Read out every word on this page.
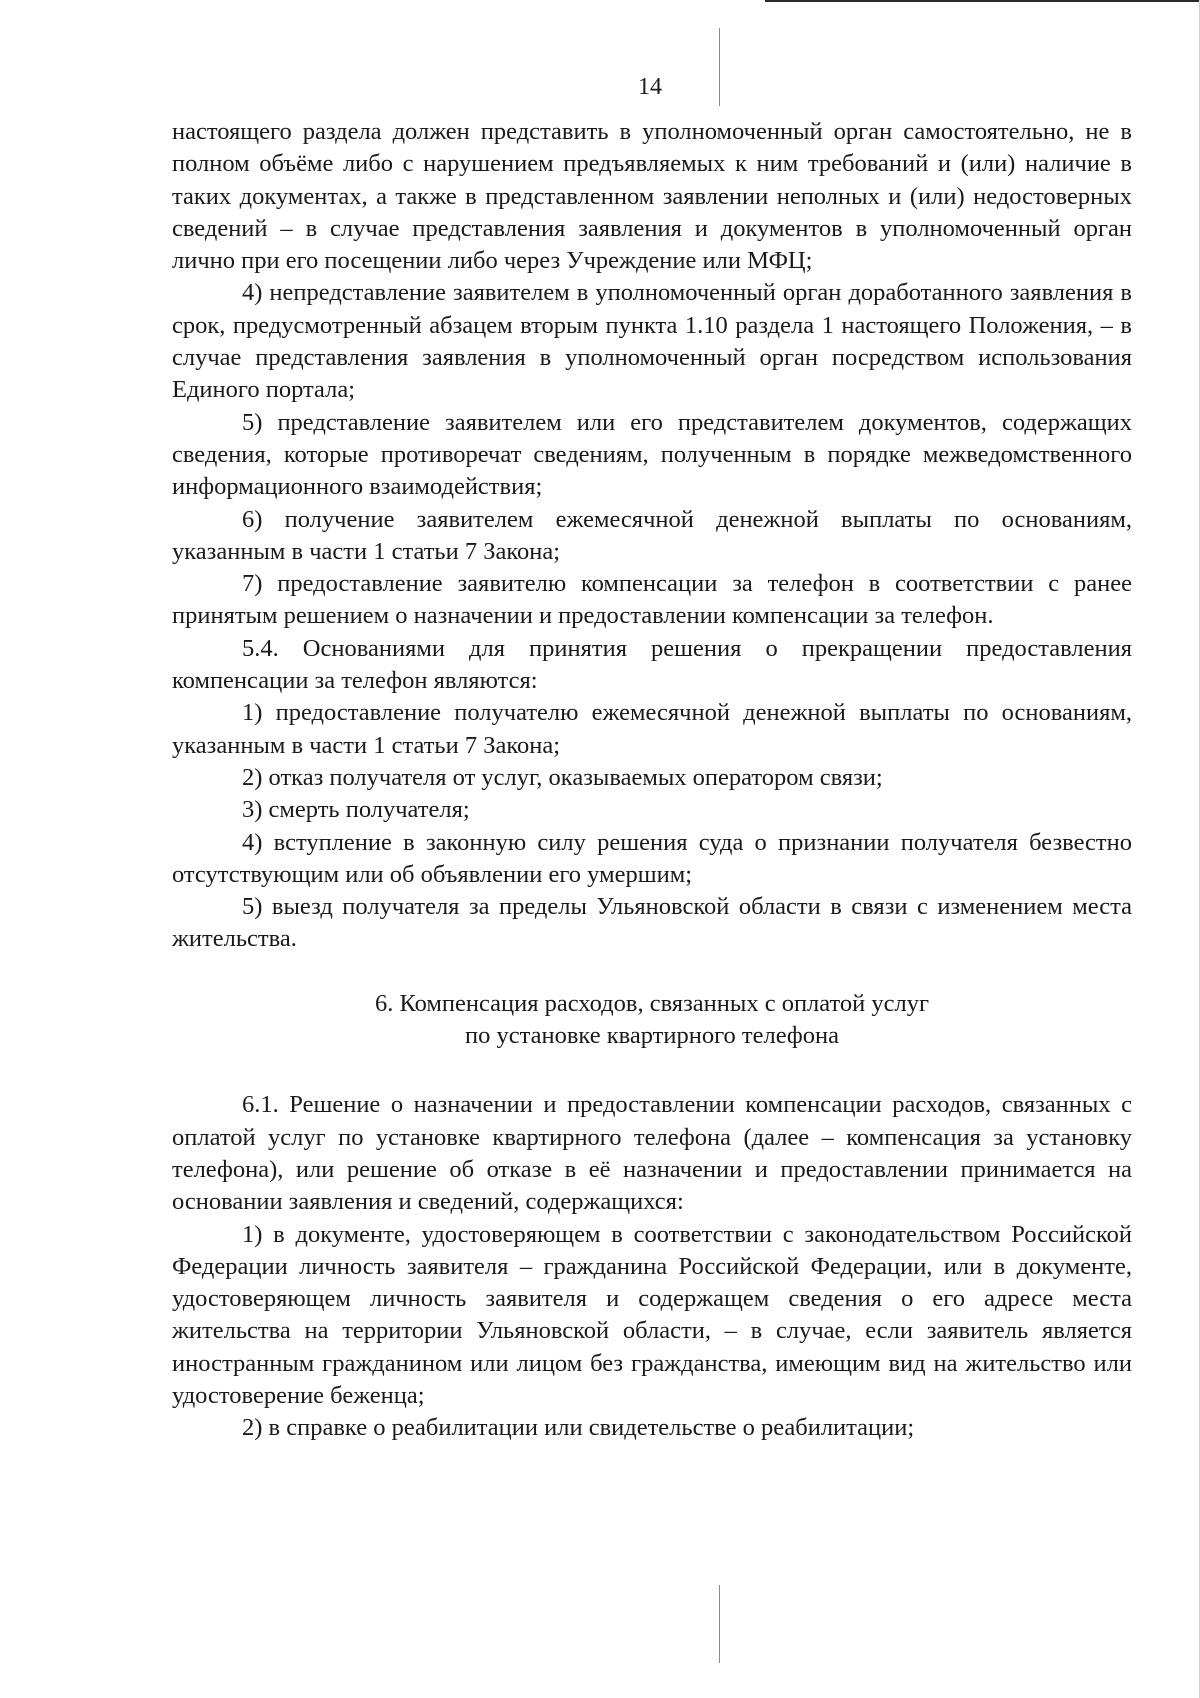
14

настоящего раздела должен представить в уполномоченный орган самостоятельно, не в полном объёме либо с нарушением предъявляемых к ним требований и (или) наличие в таких документах, а также в представленном заявлении неполных и (или) недостоверных сведений – в случае представления заявления и документов в уполномоченный орган лично при его посещении либо через Учреждение или МФЦ;

4) непредставление заявителем в уполномоченный орган доработанного заявления в срок, предусмотренный абзацем вторым пункта 1.10 раздела 1 настоящего Положения, – в случае представления заявления в уполномоченный орган посредством использования Единого портала;

5) представление заявителем или его представителем документов, содержащих сведения, которые противоречат сведениям, полученным в порядке межведомственного информационного взаимодействия;

6) получение заявителем ежемесячной денежной выплаты по основаниям, указанным в части 1 статьи 7 Закона;

7) предоставление заявителю компенсации за телефон в соответствии с ранее принятым решением о назначении и предоставлении компенсации за телефон.

5.4. Основаниями для принятия решения о прекращении предоставления компенсации за телефон являются:

1) предоставление получателю ежемесячной денежной выплаты по основаниям, указанным в части 1 статьи 7 Закона;

2) отказ получателя от услуг, оказываемых оператором связи;

3) смерть получателя;

4) вступление в законную силу решения суда о признании получателя безвестно отсутствующим или об объявлении его умершим;

5) выезд получателя за пределы Ульяновской области в связи с изменением места жительства.

6. Компенсация расходов, связанных с оплатой услуг
по установке квартирного телефона

6.1. Решение о назначении и предоставлении компенсации расходов, связанных с оплатой услуг по установке квартирного телефона (далее – компенсация за установку телефона), или решение об отказе в её назначении и предоставлении принимается на основании заявления и сведений, содержащихся:

1) в документе, удостоверяющем в соответствии с законодательством Российской Федерации личность заявителя – гражданина Российской Федерации, или в документе, удостоверяющем личность заявителя и содержащем сведения о его адресе места жительства на территории Ульяновской области, – в случае, если заявитель является иностранным гражданином или лицом без гражданства, имеющим вид на жительство или удостоверение беженца;

2) в справке о реабилитации или свидетельстве о реабилитации;
